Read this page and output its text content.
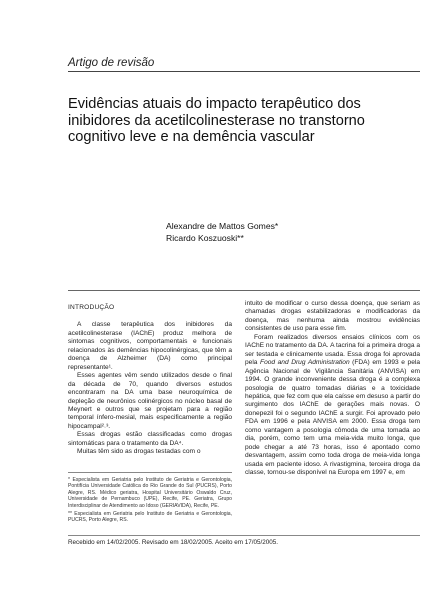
Artigo de revisão
Evidências atuais do impacto terapêutico dos inibidores da acetilcolinesterase no transtorno cognitivo leve e na demência vascular
Alexandre de Mattos Gomes*
Ricardo Koszuoski**
INTRODUÇÃO

A classe terapêutica dos inibidores da acetilcolinesterase (IAChE) produz melhora de sintomas cognitivos, comportamentais e funcionais relacionados às demências hipocolinérgicas, que têm a doença de Alzheimer (DA) como principal representante¹.

Esses agentes vêm sendo utilizados desde o final da década de 70, quando diversos estudos encontraram na DA uma base neuroquímica de depleção de neurônios colinérgicos no núcleo basal de Meynert e outros que se projetam para a região temporal ínfero-mesial, mais especificamente a região hipocampal²˒³.

Essas drogas estão classificadas como drogas sintomáticas para o tratamento da DA⁴.

Muitas têm sido as drogas testadas com o

* Especialista em Geriatria pelo Instituto de Geriatria e Gerontologia, Pontifícia Universidade Católica do Rio Grande do Sul (PUCRS), Porto Alegre, RS. Médico geriatra, Hospital Universitário Oswaldo Cruz, Universidade de Pernambuco (UPE), Recife, PE. Geriatra, Grupo Interdisciplinar de Atendimento ao Idoso (GERIAVIDA), Recife, PE.
** Especialista em Geriatria pelo Instituto de Geriatria e Gerontologia, PUCRS, Porto Alegre, RS.

intuito de modificar o curso dessa doença, que seriam as chamadas drogas estabilizadoras e modificadoras da doença, mas nenhuma ainda mostrou evidências consistentes de uso para esse fim.

Foram realizados diversos ensaios clínicos com os IAChE no tratamento da DA. A tacrina foi a primeira droga a ser testada e clinicamente usada. Essa droga foi aprovada pela Food and Drug Administration (FDA) em 1993 e pela Agência Nacional de Vigilância Sanitária (ANVISA) em 1994. O grande inconveniente dessa droga é a complexa posologia de quatro tomadas diárias e a toxicidade hepática, que fez com que ela caísse em desuso a partir do surgimento dos IAChE de gerações mais novas. O donepezil foi o segundo IAChE a surgir. Foi aprovado pelo FDA em 1996 e pela ANVISA em 2000. Essa droga tem como vantagem a posologia cômoda de uma tomada ao dia, porém, como tem uma meia-vida muito longa, que pode chegar a até 73 horas, isso é apontado como desvantagem, assim como toda droga de meia-vida longa usada em paciente idoso. A rivastigmina, terceira droga da classe, tornou-se disponível na Europa em 1997 e, em

Recebido em 14/02/2005. Revisado em 18/02/2005. Aceito em 17/05/2005.
